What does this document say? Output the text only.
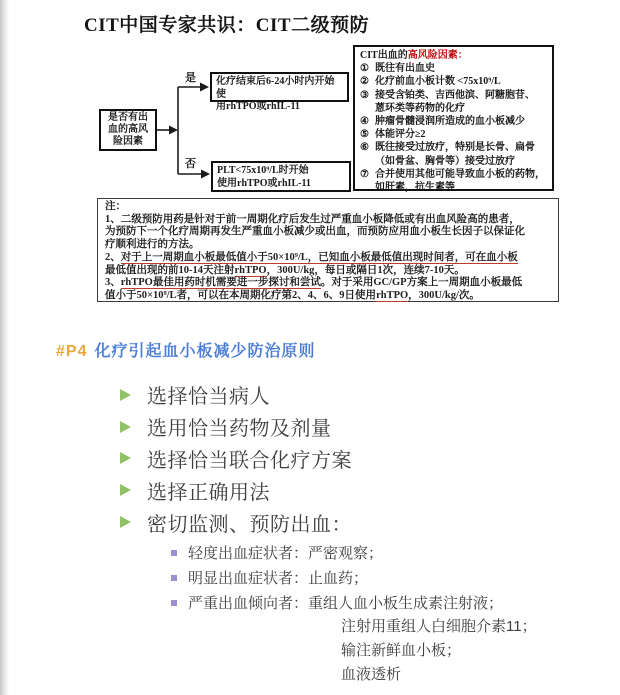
CIT中国专家共识：CIT二级预防
是否有出
血的高风
险因素
是
否
化疗结束后6-24小时内开始使
用rhTPO或rhIL-11
PLT<75x10⁹/L时开始
使用rhTPO或rhIL-11
CIT出血的高风险因素：
① 既往有出血史
② 化疗前血小板计数 <75x10⁹/L
③ 接受含铂类、吉西他滨、阿糖胞苷、
蒽环类等药物的化疗
④ 肿瘤骨髓浸润所造成的血小板减少
⑤ 体能评分≥2
⑥ 既往接受过放疗，特别是长骨、扁骨
（如骨盆、胸骨等）接受过放疗
⑦ 合并使用其他可能导致血小板的药物，
如肝素，抗生素等
注：
1、二级预防用药是针对于前一周期化疗后发生过严重血小板降低或有出血风险高的患者，
为预防下一个化疗周期再发生严重血小板减少或出血，而预防应用血小板生长因子以保证化
疗顺利进行的方法。
2、对于上一周期血小板最低值小于50×10⁹/L，已知血小板最低值出现时间者，可在血小板
最低值出现的前10-14天注射rhTPO，300U/kg，每日或隔日1次，连续7-10天。
3、rhTPO最佳用药时机需要进一步探讨和尝试。对于采用GC/GP方案上一周期血小板最低
值小于50×10⁹/L者，可以在本周期化疗第2、4、6、9日使用rhTPO，300U/kg/次。
#P4 化疗引起血小板减少防治原则
选择恰当病人
选用恰当药物及剂量
选择恰当联合化疗方案
选择正确用法
密切监测、预防出血：
轻度出血症状者：严密观察；
明显出血症状者：止血药；
严重出血倾向者：重组人血小板生成素注射液；
注射用重组人白细胞介素11；
输注新鲜血小板；
血液透析
